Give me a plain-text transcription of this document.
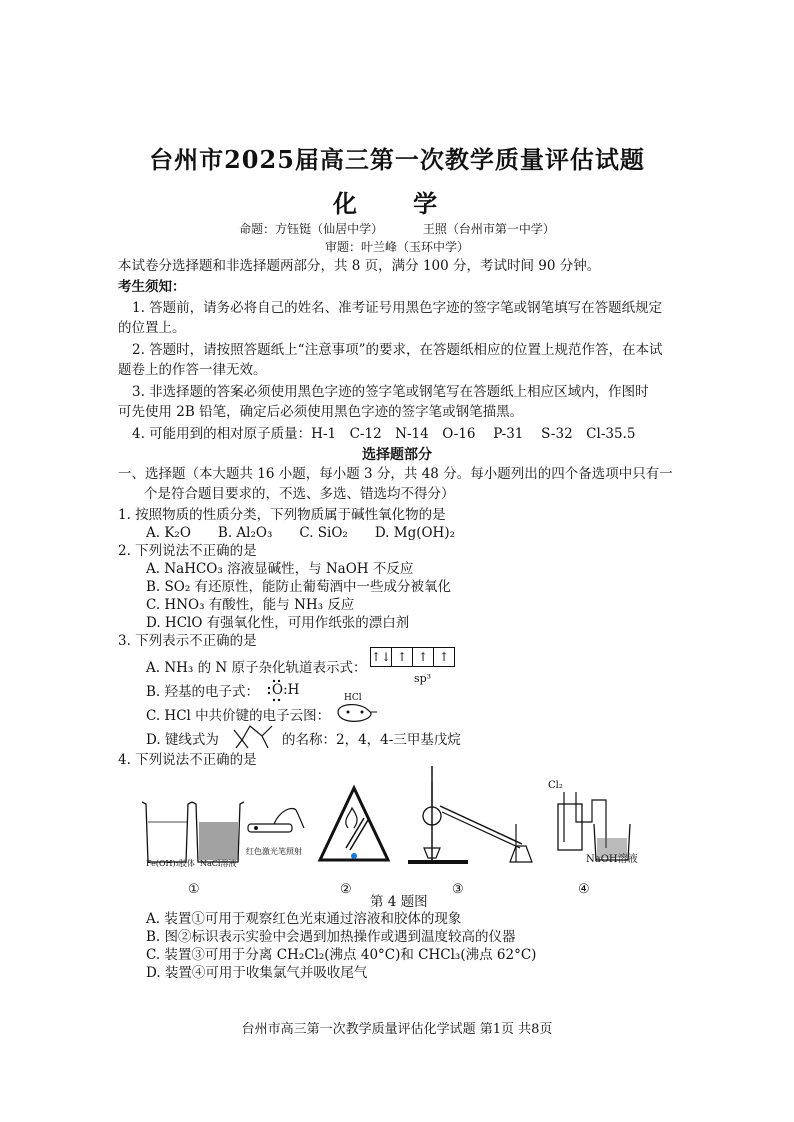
台州市2025届高三第一次教学质量评估试题
化 学
命题：方钰铤（仙居中学）	王照（台州市第一中学）
审题：叶兰峰（玉环中学）
本试卷分选择题和非选择题两部分，共 8 页，满分 100 分，考试时间 90 分钟。
考生须知：
1. 答题前，请务必将自己的姓名、准考证号用黑色字迹的签字笔或钢笔填写在答题纸规定
的位置上。
2. 答题时，请按照答题纸上“注意事项”的要求，在答题纸相应的位置上规范作答，在本试
题卷上的作答一律无效。
3. 非选择题的答案必须使用黑色字迹的签字笔或钢笔写在答题纸上相应区域内，作图时
可先使用 2B 铅笔，确定后必须使用黑色字迹的签字笔或钢笔描黑。
4. 可能用到的相对原子质量：H-1　C-12　N-14　O-16　 P-31　 S-32　Cl-35.5
选择题部分
一、选择题（本大题共 16 小题，每小题 3 分，共 48 分。每小题列出的四个备选项中只有一
个是符合题目要求的，不选、多选、错选均不得分）
1. 按照物质的性质分类，下列物质属于碱性氧化物的是
A. K₂O　　B. Al₂O₃　　C. SiO₂　　D. Mg(OH)₂
2. 下列说法不正确的是
A. NaHCO₃ 溶液显碱性，与 NaOH 不反应
B. SO₂ 有还原性，能防止葡萄酒中一些成分被氧化
C. HNO₃ 有酸性，能与 NH₃ 反应
D. HClO 有强氧化性，可用作纸张的漂白剂
3. 下列表示不正确的是
A. NH₃ 的 N 原子杂化轨道表示式：
↑↓ ↑ ↑ ↑
sp³
B. 羟基的电子式： O:H
C. HCl 中共价键的电子云图：
HCl
D. 键线式为	的名称：2，4，4-三甲基戊烷
4. 下列说法不正确的是
Fe(OH)₃胶体 NaCl溶液
红色激光笔照射
Cl₂
NaOH溶液
①	②	③	④
第 4 题图
A. 装置①可用于观察红色光束通过溶液和胶体的现象
B. 图②标识表示实验中会遇到加热操作或遇到温度较高的仪器
C. 装置③可用于分离 CH₂Cl₂(沸点 40°C)和 CHCl₃(沸点 62°C)
D. 装置④可用于收集氯气并吸收尾气
台州市高三第一次教学质量评估化学试题 第1页 共8页
